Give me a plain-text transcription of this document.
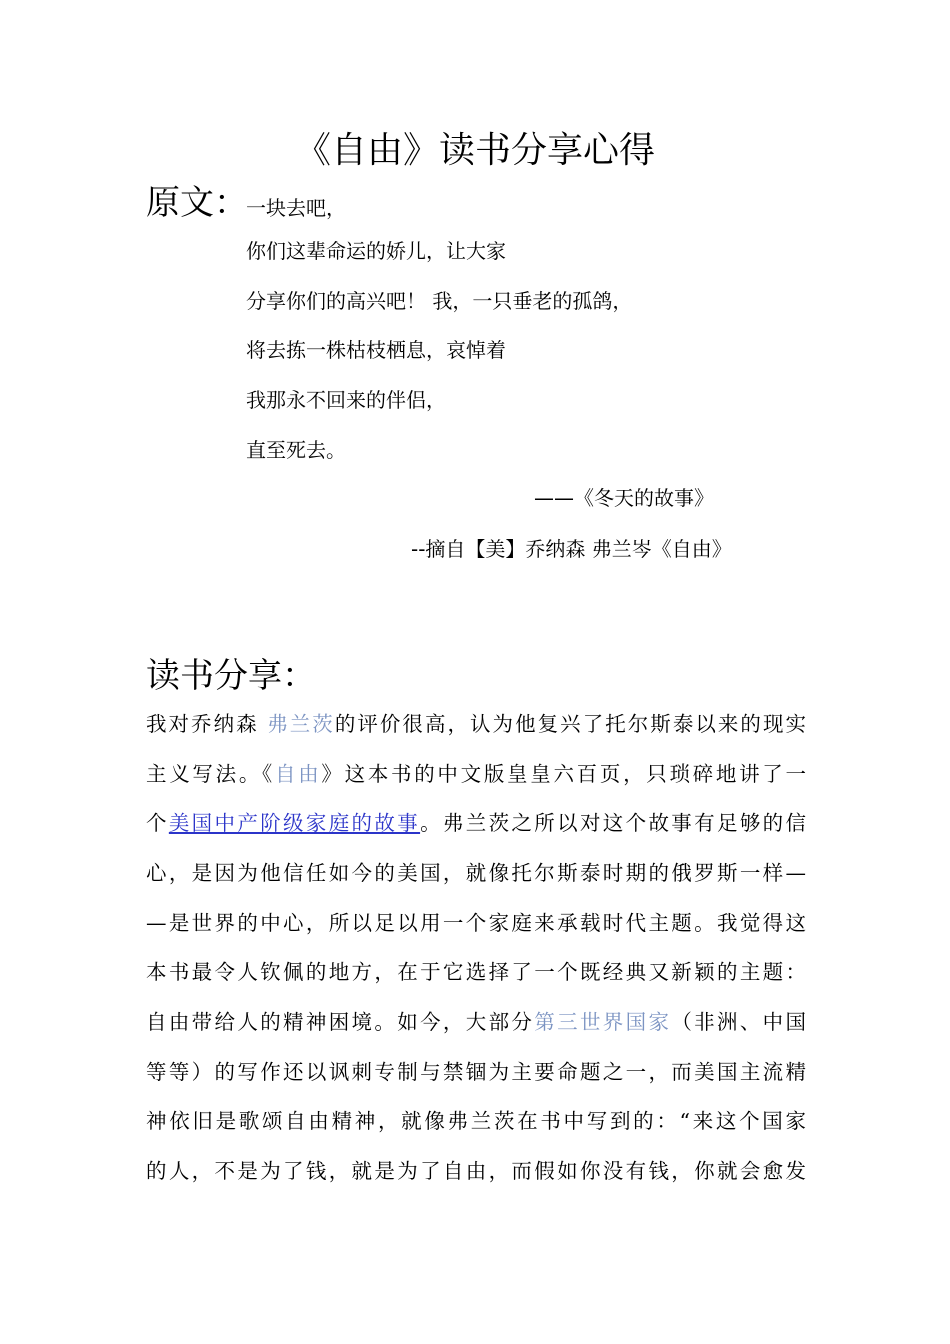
《自由》读书分享心得
原文：
一块去吧，
你们这辈命运的娇儿，让大家
分享你们的高兴吧！ 我，一只垂老的孤鸽，
将去拣一株枯枝栖息，哀悼着
我那永不回来的伴侣，
直至死去。
——《冬天的故事》
--摘自【美】乔纳森 弗兰岑《自由》
读书分享：
我对乔纳森 弗兰茨的评价很高，认为他复兴了托尔斯泰以来的现实
主义写法。《自由》这本书的中文版皇皇六百页，只琐碎地讲了一
个美国中产阶级家庭的故事。弗兰茨之所以对这个故事有足够的信
心，是因为他信任如今的美国，就像托尔斯泰时期的俄罗斯一样—
—是世界的中心，所以足以用一个家庭来承载时代主题。我觉得这
本书最令人钦佩的地方，在于它选择了一个既经典又新颖的主题：
自由带给人的精神困境。如今，大部分第三世界国家（非洲、中国
等等）的写作还以讽刺专制与禁锢为主要命题之一，而美国主流精
神依旧是歌颂自由精神，就像弗兰茨在书中写到的：“来这个国家
的人，不是为了钱，就是为了自由，而假如你没有钱，你就会愈发
